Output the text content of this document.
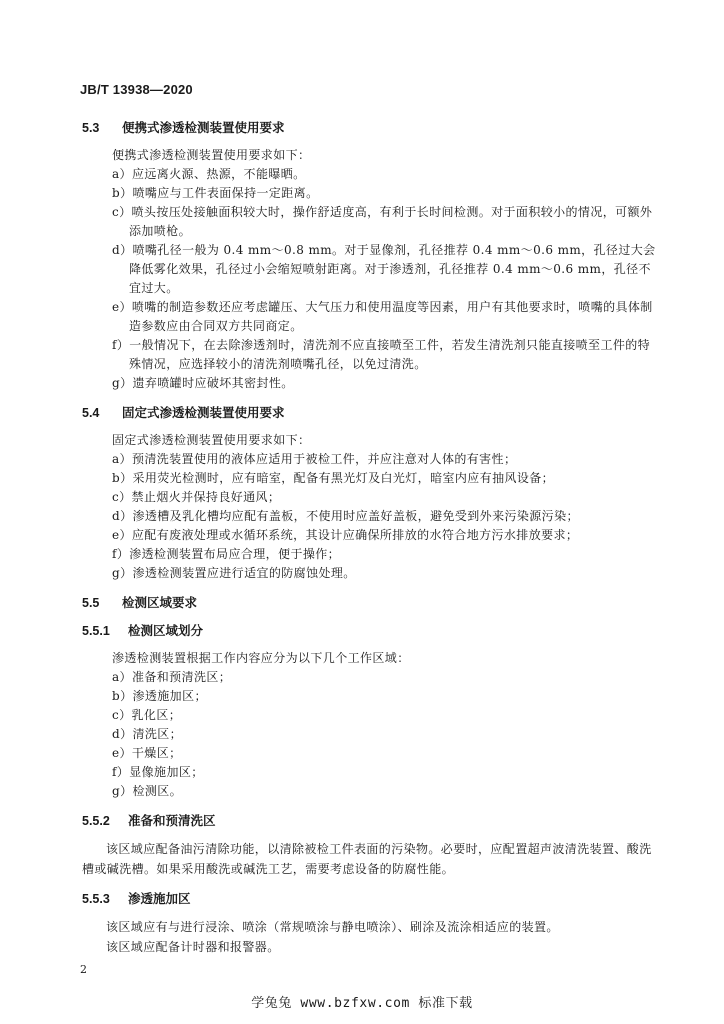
JB/T 13938—2020
5.3 便携式渗透检测装置使用要求
便携式渗透检测装置使用要求如下：
a）应远离火源、热源，不能曝晒。
b）喷嘴应与工件表面保持一定距离。
c）喷头按压处接触面积较大时，操作舒适度高，有利于长时间检测。对于面积较小的情况，可额外添加喷枪。
d）喷嘴孔径一般为 0.4 mm～0.8 mm。对于显像剂，孔径推荐 0.4 mm～0.6 mm，孔径过大会降低雾化效果，孔径过小会缩短喷射距离。对于渗透剂，孔径推荐 0.4 mm～0.6 mm，孔径不宜过大。
e）喷嘴的制造参数还应考虑罐压、大气压力和使用温度等因素，用户有其他要求时，喷嘴的具体制造参数应由合同双方共同商定。
f）一般情况下，在去除渗透剂时，清洗剂不应直接喷至工件，若发生清洗剂只能直接喷至工件的特殊情况，应选择较小的清洗剂喷嘴孔径，以免过清洗。
g）遗弃喷罐时应破坏其密封性。
5.4 固定式渗透检测装置使用要求
固定式渗透检测装置使用要求如下：
a）预清洗装置使用的液体应适用于被检工件，并应注意对人体的有害性；
b）采用荧光检测时，应有暗室，配备有黑光灯及白光灯，暗室内应有抽风设备；
c）禁止烟火并保持良好通风；
d）渗透槽及乳化槽均应配有盖板，不使用时应盖好盖板，避免受到外来污染源污染；
e）应配有废液处理或水循环系统，其设计应确保所排放的水符合地方污水排放要求；
f）渗透检测装置布局应合理，便于操作；
g）渗透检测装置应进行适宜的防腐蚀处理。
5.5 检测区域要求
5.5.1 检测区域划分
渗透检测装置根据工作内容应分为以下几个工作区域：
a）准备和预清洗区；
b）渗透施加区；
c）乳化区；
d）清洗区；
e）干燥区；
f）显像施加区；
g）检测区。
5.5.2 准备和预清洗区
该区域应配备油污清除功能，以清除被检工件表面的污染物。必要时，应配置超声波清洗装置、酸洗槽或碱洗槽。如果采用酸洗或碱洗工艺，需要考虑设备的防腐性能。
5.5.3 渗透施加区
该区域应有与进行浸涂、喷涂（常规喷涂与静电喷涂）、刷涂及流涂相适应的装置。
该区域应配备计时器和报警器。
2
学兔兔 www.bzfxw.com 标准下载
